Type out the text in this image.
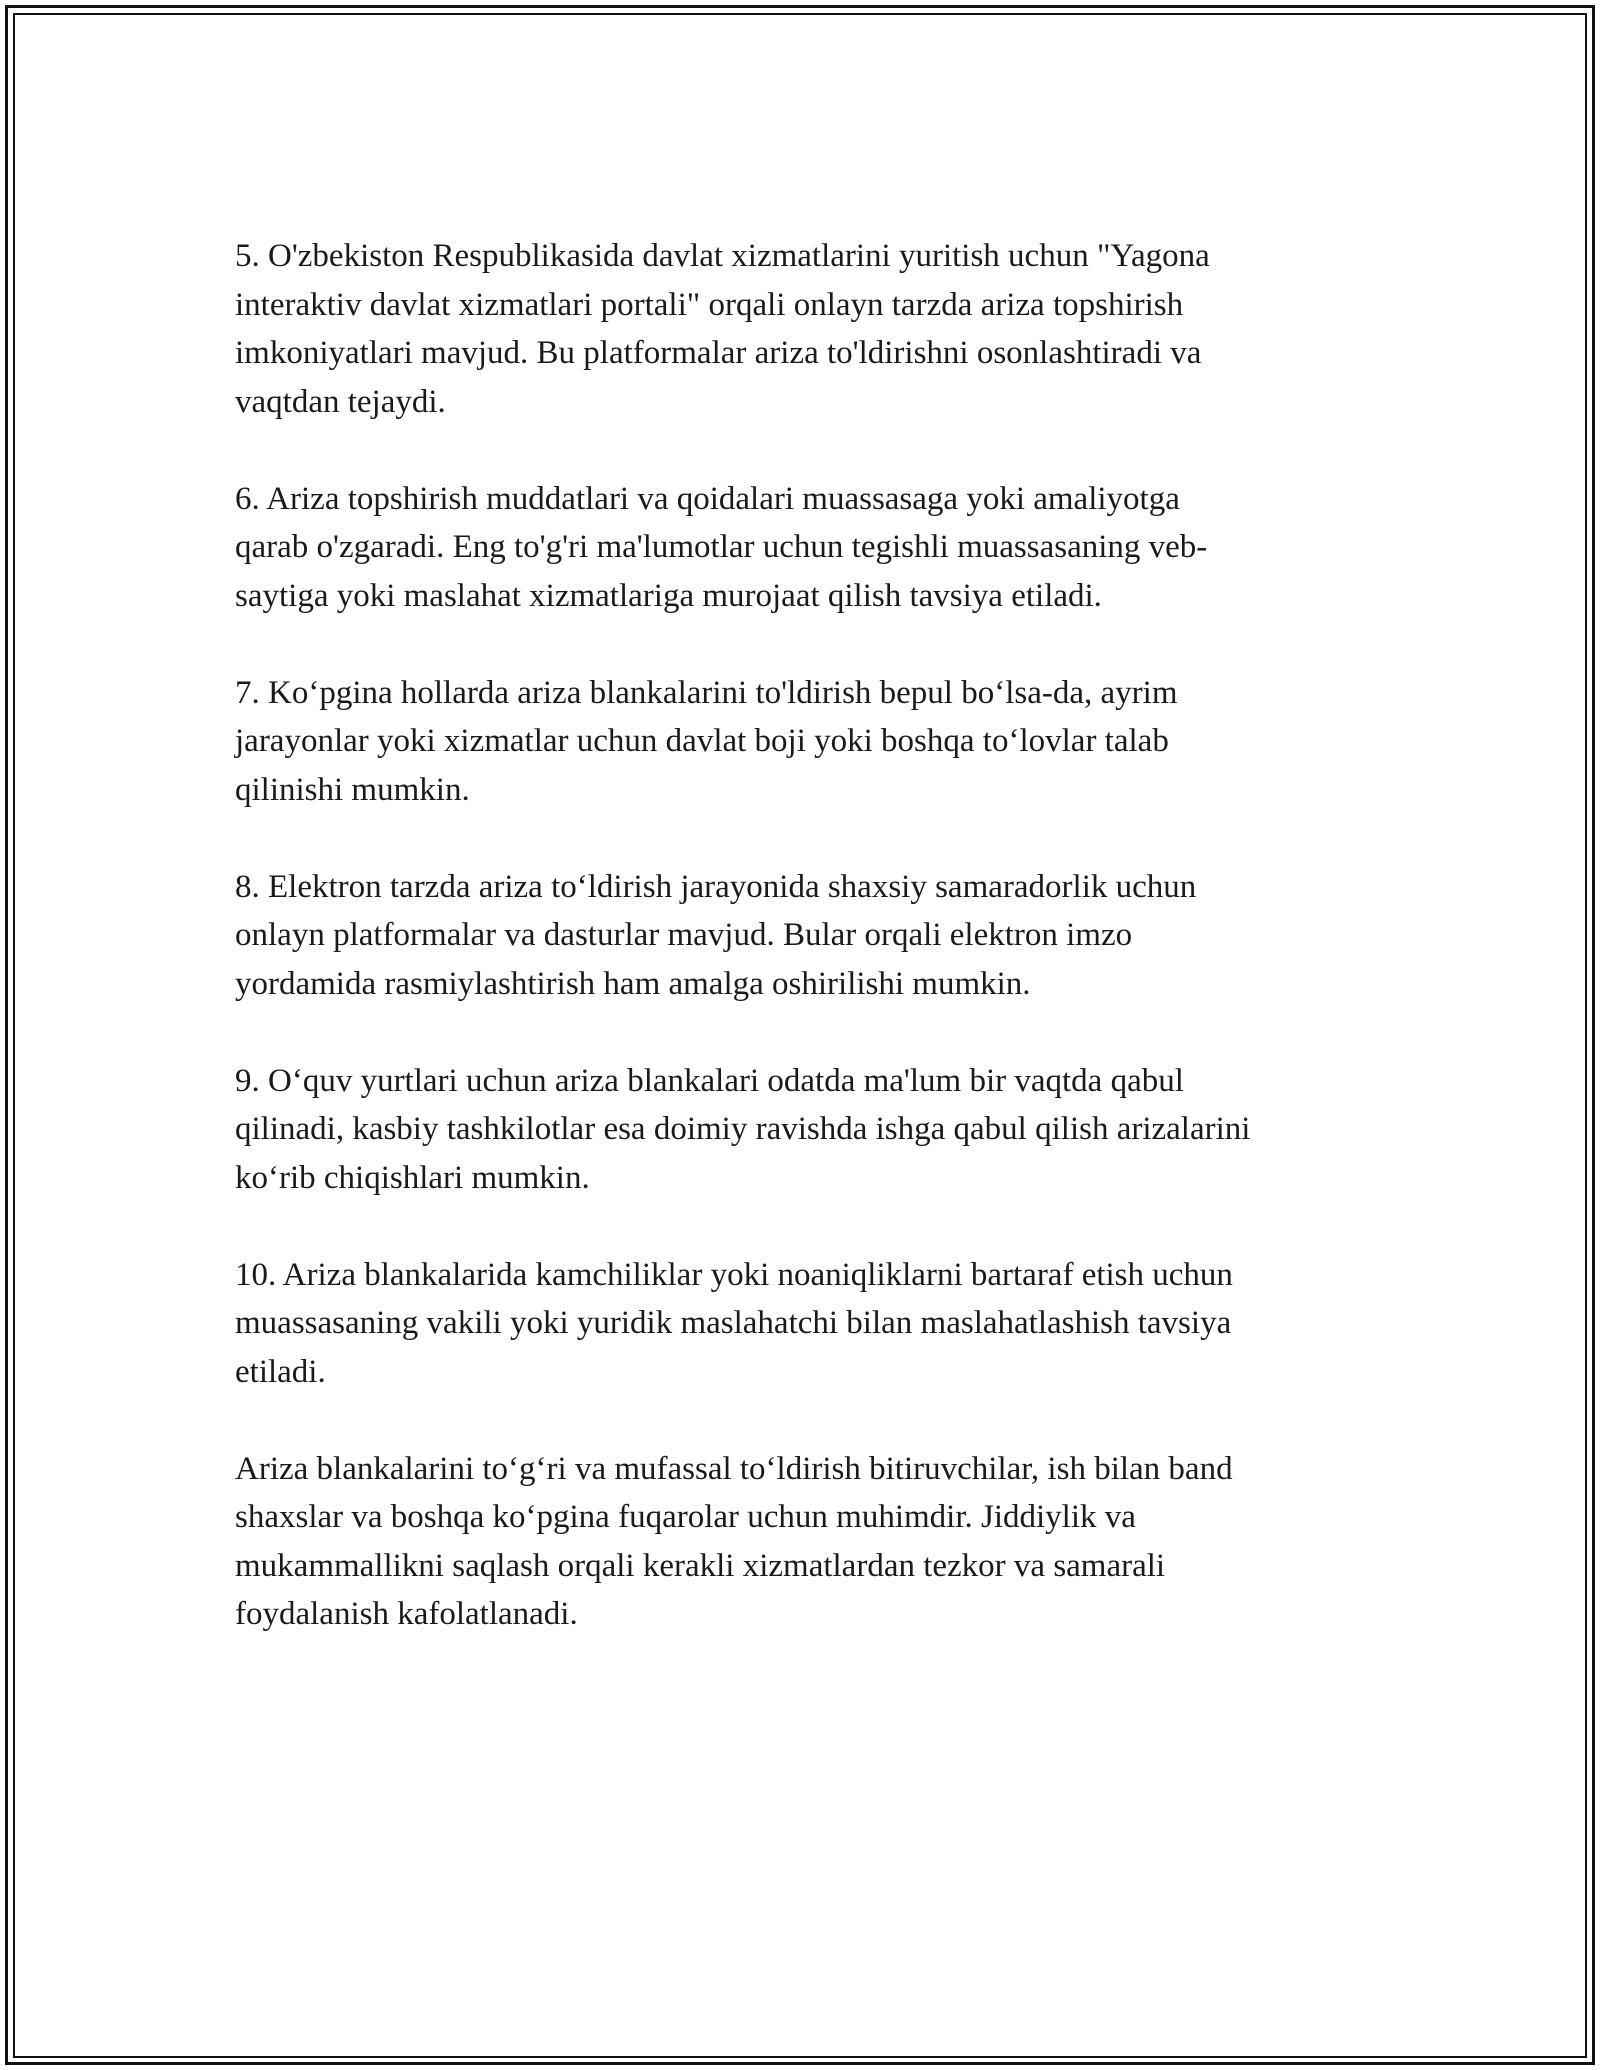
5. O'zbekiston Respublikasida davlat xizmatlarini yuritish uchun "Yagona
interaktiv davlat xizmatlari portali" orqali onlayn tarzda ariza topshirish
imkoniyatlari mavjud. Bu platformalar ariza to'ldirishni osonlashtiradi va
vaqtdan tejaydi.

6. Ariza topshirish muddatlari va qoidalari muassasaga yoki amaliyotga
qarab o'zgaradi. Eng to'g'ri ma'lumotlar uchun tegishli muassasaning veb-
saytiga yoki maslahat xizmatlariga murojaat qilish tavsiya etiladi.

7. Ko‘pgina hollarda ariza blankalarini to'ldirish bepul bo‘lsa-da, ayrim
jarayonlar yoki xizmatlar uchun davlat boji yoki boshqa to‘lovlar talab
qilinishi mumkin.

8. Elektron tarzda ariza to‘ldirish jarayonida shaxsiy samaradorlik uchun
onlayn platformalar va dasturlar mavjud. Bular orqali elektron imzo
yordamida rasmiylashtirish ham amalga oshirilishi mumkin.

9. O‘quv yurtlari uchun ariza blankalari odatda ma'lum bir vaqtda qabul
qilinadi, kasbiy tashkilotlar esa doimiy ravishda ishga qabul qilish arizalarini
ko‘rib chiqishlari mumkin.

10. Ariza blankalarida kamchiliklar yoki noaniqliklarni bartaraf etish uchun
muassasaning vakili yoki yuridik maslahatchi bilan maslahatlashish tavsiya
etiladi.

Ariza blankalarini to‘g‘ri va mufassal to‘ldirish bitiruvchilar, ish bilan band
shaxslar va boshqa ko‘pgina fuqarolar uchun muhimdir. Jiddiylik va
mukammallikni saqlash orqali kerakli xizmatlardan tezkor va samarali
foydalanish kafolatlanadi.
